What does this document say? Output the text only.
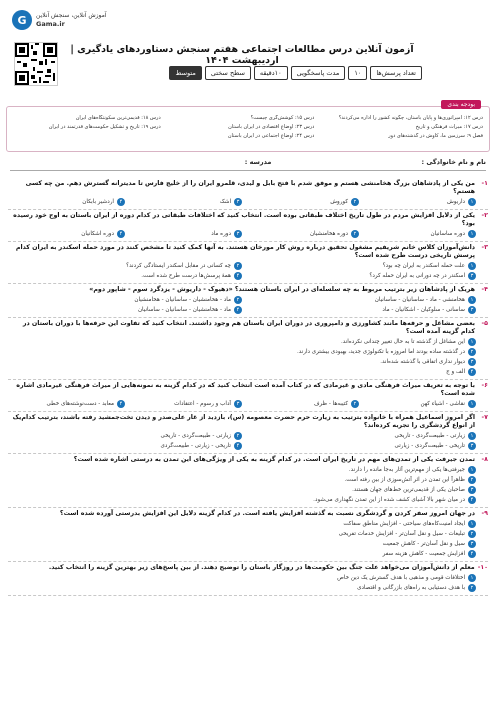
G	آموزش آنلاین، سنجش آنلاین
Gama.ir
آزمون آنلاین درس مطالعات اجتماعی هفتم سنجش دستاوردهای یادگیری | اردیبهشت ۱۴۰۴
تعداد پرسش‌ها
۱۰
مدت پاسخگویی
۱۰دقیقه
سطح سختی
متوسط
بودجه بندی
درس ۱۲: امپراتوری‌ها و پایان باستان، چگونه کشور را اداره می‌کردند؟
درس ۱۵: کوشش‌گری چیست؟
درس ۱۸: قدیمی‌ترین سکونتگاه‌های ایران
درس ۱۷: میراث فرهنگی و تاریخ
درس ۲۳: اوضاع اقتصادی در ایران باستان
درس ۱۹: تاریخ و تشکیل حکومت‌های قدرتمند در ایران
فصل ۹: سرزمین ما، کاوش در گذشته‌های دور
درس ۲۴: اوضاع اجتماعی در ایران باستان
نام و نام خانوادگی :
مدرسه :
۱-
من یکی از پادشاهان بزرگ هخامنشی هستم و موفق شدم با فتح بابل و لیدی، قلمرو ایران را از خلیج فارس تا مدیترانه گسترش دهم. من چه کسی هستم؟
۱
داریوش
۲
کوروش
۳
اشک
۴
اردشیر بابکان
۲-
یکی از دلایل افزایش مردم در طول تاریخ اختلاف طبقاتی بوده است. انتخاب کنید که اختلافات طبقاتی در کدام دوره از ایران باستان به اوج خود رسیده بود؟
۱
دوره ساسانیان
۲
دوره هخامنشیان
۳
دوره ماد
۴
دوره اشکانیان
۳-
دانش‌آموزان کلاس خانم شریفیم مشغول تحقیق درباره روش کار مورخان هستند. به آنها کمک کنید تا مشخص کنند در مورد حمله اسکندر به ایران کدام پرسش تاریخی درست طرح شده است؟
۱
علت حمله اسکندر به ایران چه بود؟
۲
چه کسانی در مقابل اسکندر ایستادگی کردند؟
۳
اسکندر در چه دورانی به ایران حمله کرد؟
۴
همهٔ پرسش‌ها درست طرح شده است.
۴-
هریک از پادشاهان زیر بترتیب مربوط به چه سلسله‌ای در ایران باستان هستند؟ «دهیوک - داریوش - یزدگرد سوم - شاپور دوم»
۱
هخامنشی - ماد - ساسانیان - ساسانیان
۲
ماد - هخامنشیان - ساسانیان - هخامنشیان
۳
ساسانی - سلوکیان - اشکانیان - ماد
۴
ماد - هخامنشیان - ساسانیان - ساسانیان
۵-
بعضی مشاغل و حرفه‌ها مانند کشاورزی و دامپروری در دوران ایران باستان هم وجود داشتند. انتخاب کنید که تفاوت این حرفه‌ها با دوران باستان در کدام گزینه آمده است؟
۱
این مشاغل از گذشته تا به حال تغییر چندانی نکرده‌اند.
۲
در گذشته ساده بودند اما امروزه با تکنولوژی جدید، بهبودی بیشتری دارند.
۳
دیوار نداری اتفاقی با گذشته شده‌اند.
۴
الف و ج
۶-
با توجه به تعریف میراث فرهنگی مادی و غیرمادی که در کتاب آمده است انتخاب کنید که در کدام گزینه به نمونه‌هایی از میراث فرهنگی غیرمادی اشاره شده است؟
۱
نقاشی - اشیاء کهن
۲
کتیبه‌ها - ظرف
۳
آداب و رسوم - اعتقادات
۴
معابد - دست‌نوشته‌های خطی
۷-
اگر امروز اسماعیل همراه با خانواده بترتیب به زیارت حرم حضرت معصومه (س)، بازدید از غار علی‌صدر و دیدن تخت‌جمشید رفته باشند، بترتیب کدام‌یک از انواع گردشگری را تجربه کرده‌اند؟
۱
زیارتی - طبیعت‌گردی - تاریخی
۲
زیارتی - طبیعت‌گردی - تاریخی
۳
تاریخی - طبیعت‌گردی - زیارتی
۴
تاریخی - زیارتی - طبیعت‌گردی
۸-
تمدن جیرفت یکی از تمدن‌های مهم در تاریخ ایران است. در کدام گزینه به یکی از ویژگی‌های این تمدن به درستی اشاره شده است؟
۱
جیرفتی‌ها یکی از مهم‌ترین آثار به‌جا مانده را دارند.
۲
ظاهراً این تمدن در اثر آتش‌سوزی از بین رفته است.
۳
صاحبان یکی از قدیمی‌ترین خط‌های جهان هستند.
۴
در میان شهر بالا آشیای کشف شده از این تمدن نگهداری می‌شود.
۹-
در جهان امروز سفر کردن و گردشگری نسبت به گذشته افزایش یافته است. در کدام گزینه دلایل این افزایش بدرستی آورده شده است؟
۱
ایجاد امنیت‌کاه‌های سیاحتی - افزایش مناطق سفاکت
۲
تبلیغات - سیل و نقل آسان‌تر - افزایش خدمات تفریحی
۳
سیل و نقل آسان‌تر - کاهش جمعیت
۴
افزایش جمعیت - کاهش هزینه سفر
۱۰-
معلم از دانش‌آموزان می‌خواهد علت جنگ بین حکومت‌ها در روزگار باستان را توضیح دهند. از بین پاسخ‌های زیر بهترین گزینه را انتخاب کنید.
۱
اختلافات قومی و مذهبی با هدف گسترش یک دین خاص
۲
با هدف دستیابی به راه‌های بازرگانی و اقتصادی
